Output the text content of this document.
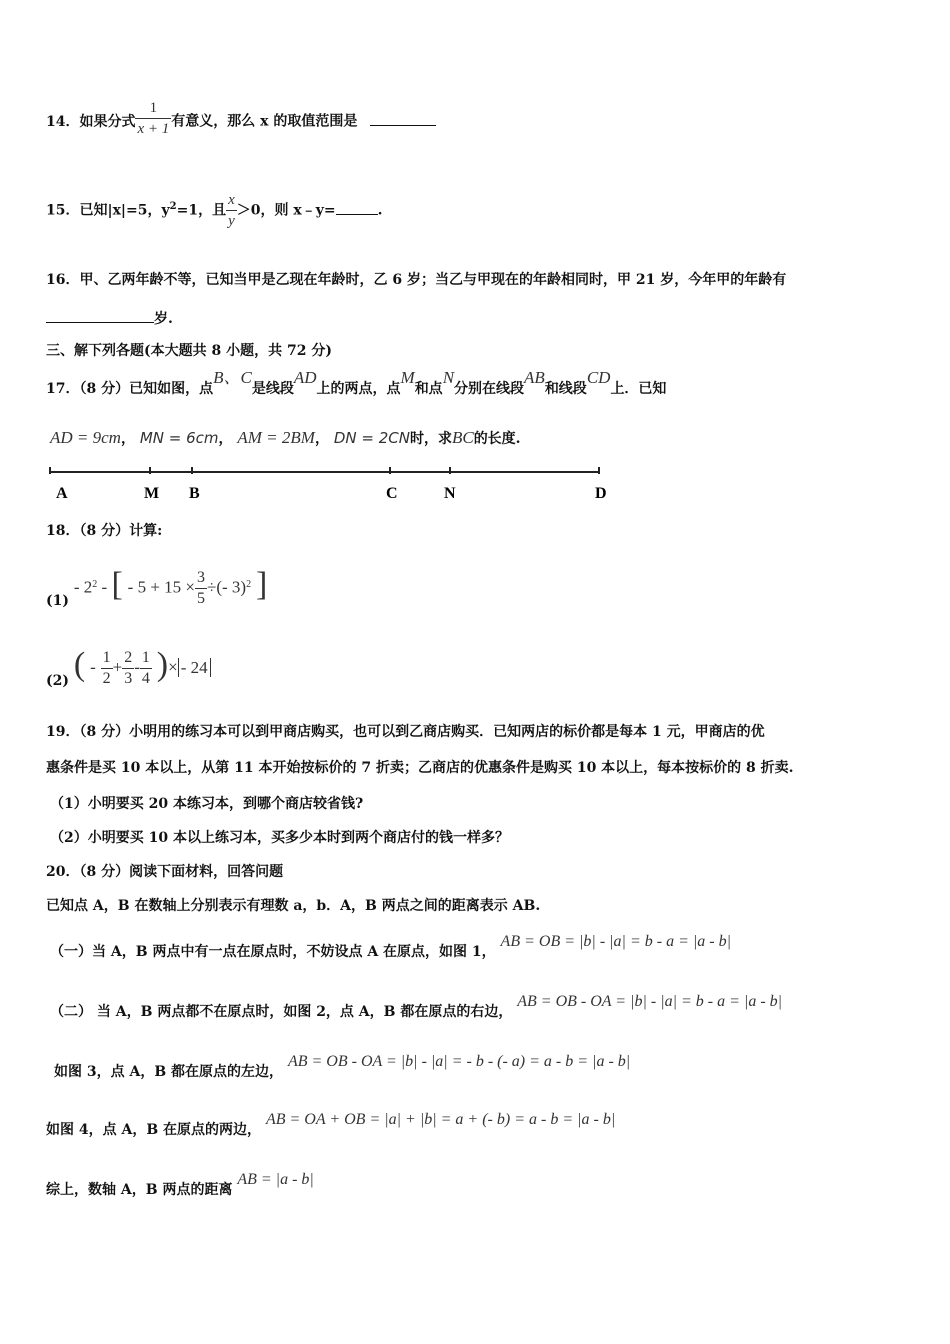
14．如果分式 $\frac{1}{x + 1}$ 有意义，那么 x 的取值范围是
15．已知|x|=5，$y^2=1$，且 $\frac{x}{y} >0$，则 x﹣y=	.
16．甲、乙两年龄不等，已知当甲是乙现在年龄时，乙 6 岁；当乙与甲现在的年龄相同时，甲 21 岁，今年甲的年龄有
岁.
三、解下列各题(本大题共 8 小题，共 72 分)
17．（8 分）已知如图，点B、C是线段AD上的两点，点M和点N分别在线段AB和线段CD上．已知
AD = 9cm， MN = 6cm， AM = 2BM， DN = 2CN时，求BC的长度.
A	M B	C	N	D
18．（8 分）计算:
$(1) - 2^2$ - [ - $5 + 15 \times \frac{3}{5}$ ÷(- 3)$^2$ ]
(2) ( - $\frac{1}{2} + \frac{2}{3} - \frac{1}{4}$ )× - 24
19．（8 分）小明用的练习本可以到甲商店购买，也可以到乙商店购买．已知两店的标价都是每本 1 元，甲商店的优
惠条件是买 10 本以上，从第 11 本开始按标价的 7 折卖；乙商店的优惠条件是购买 10 本以上，每本按标价的 8 折卖.
（1）小明要买 20 本练习本，到哪个商店较省钱?
（2）小明要买 10 本以上练习本，买多少本时到两个商店付的钱一样多？
20．（8 分）阅读下面材料，回答问题
已知点 A，B 在数轴上分别表示有理数 a，b．A，B 两点之间的距离表示 AB.
（一）当 A，B 两点中有一点在原点时，不妨设点 A 在原点，如图 1， AB = OB = |b| - |a| = b - a = |a - b|
（二） 当 A，B 两点都不在原点时，如图 2，点 A，B 都在原点的右边， AB = OB - OA = |b| - |a| = b - a = |a - b|
如图 3，点 A，B 都在原点的左边， AB = OB - OA = |b| - |a| = - b - (- a) = a - b = |a - b|
如图 4，点 A，B 在原点的两边， AB = OA + OB = |a| + |b| = a + (- b) = a - b = |a - b|
综上，数轴 A，B 两点的距离 AB = |a - b|
